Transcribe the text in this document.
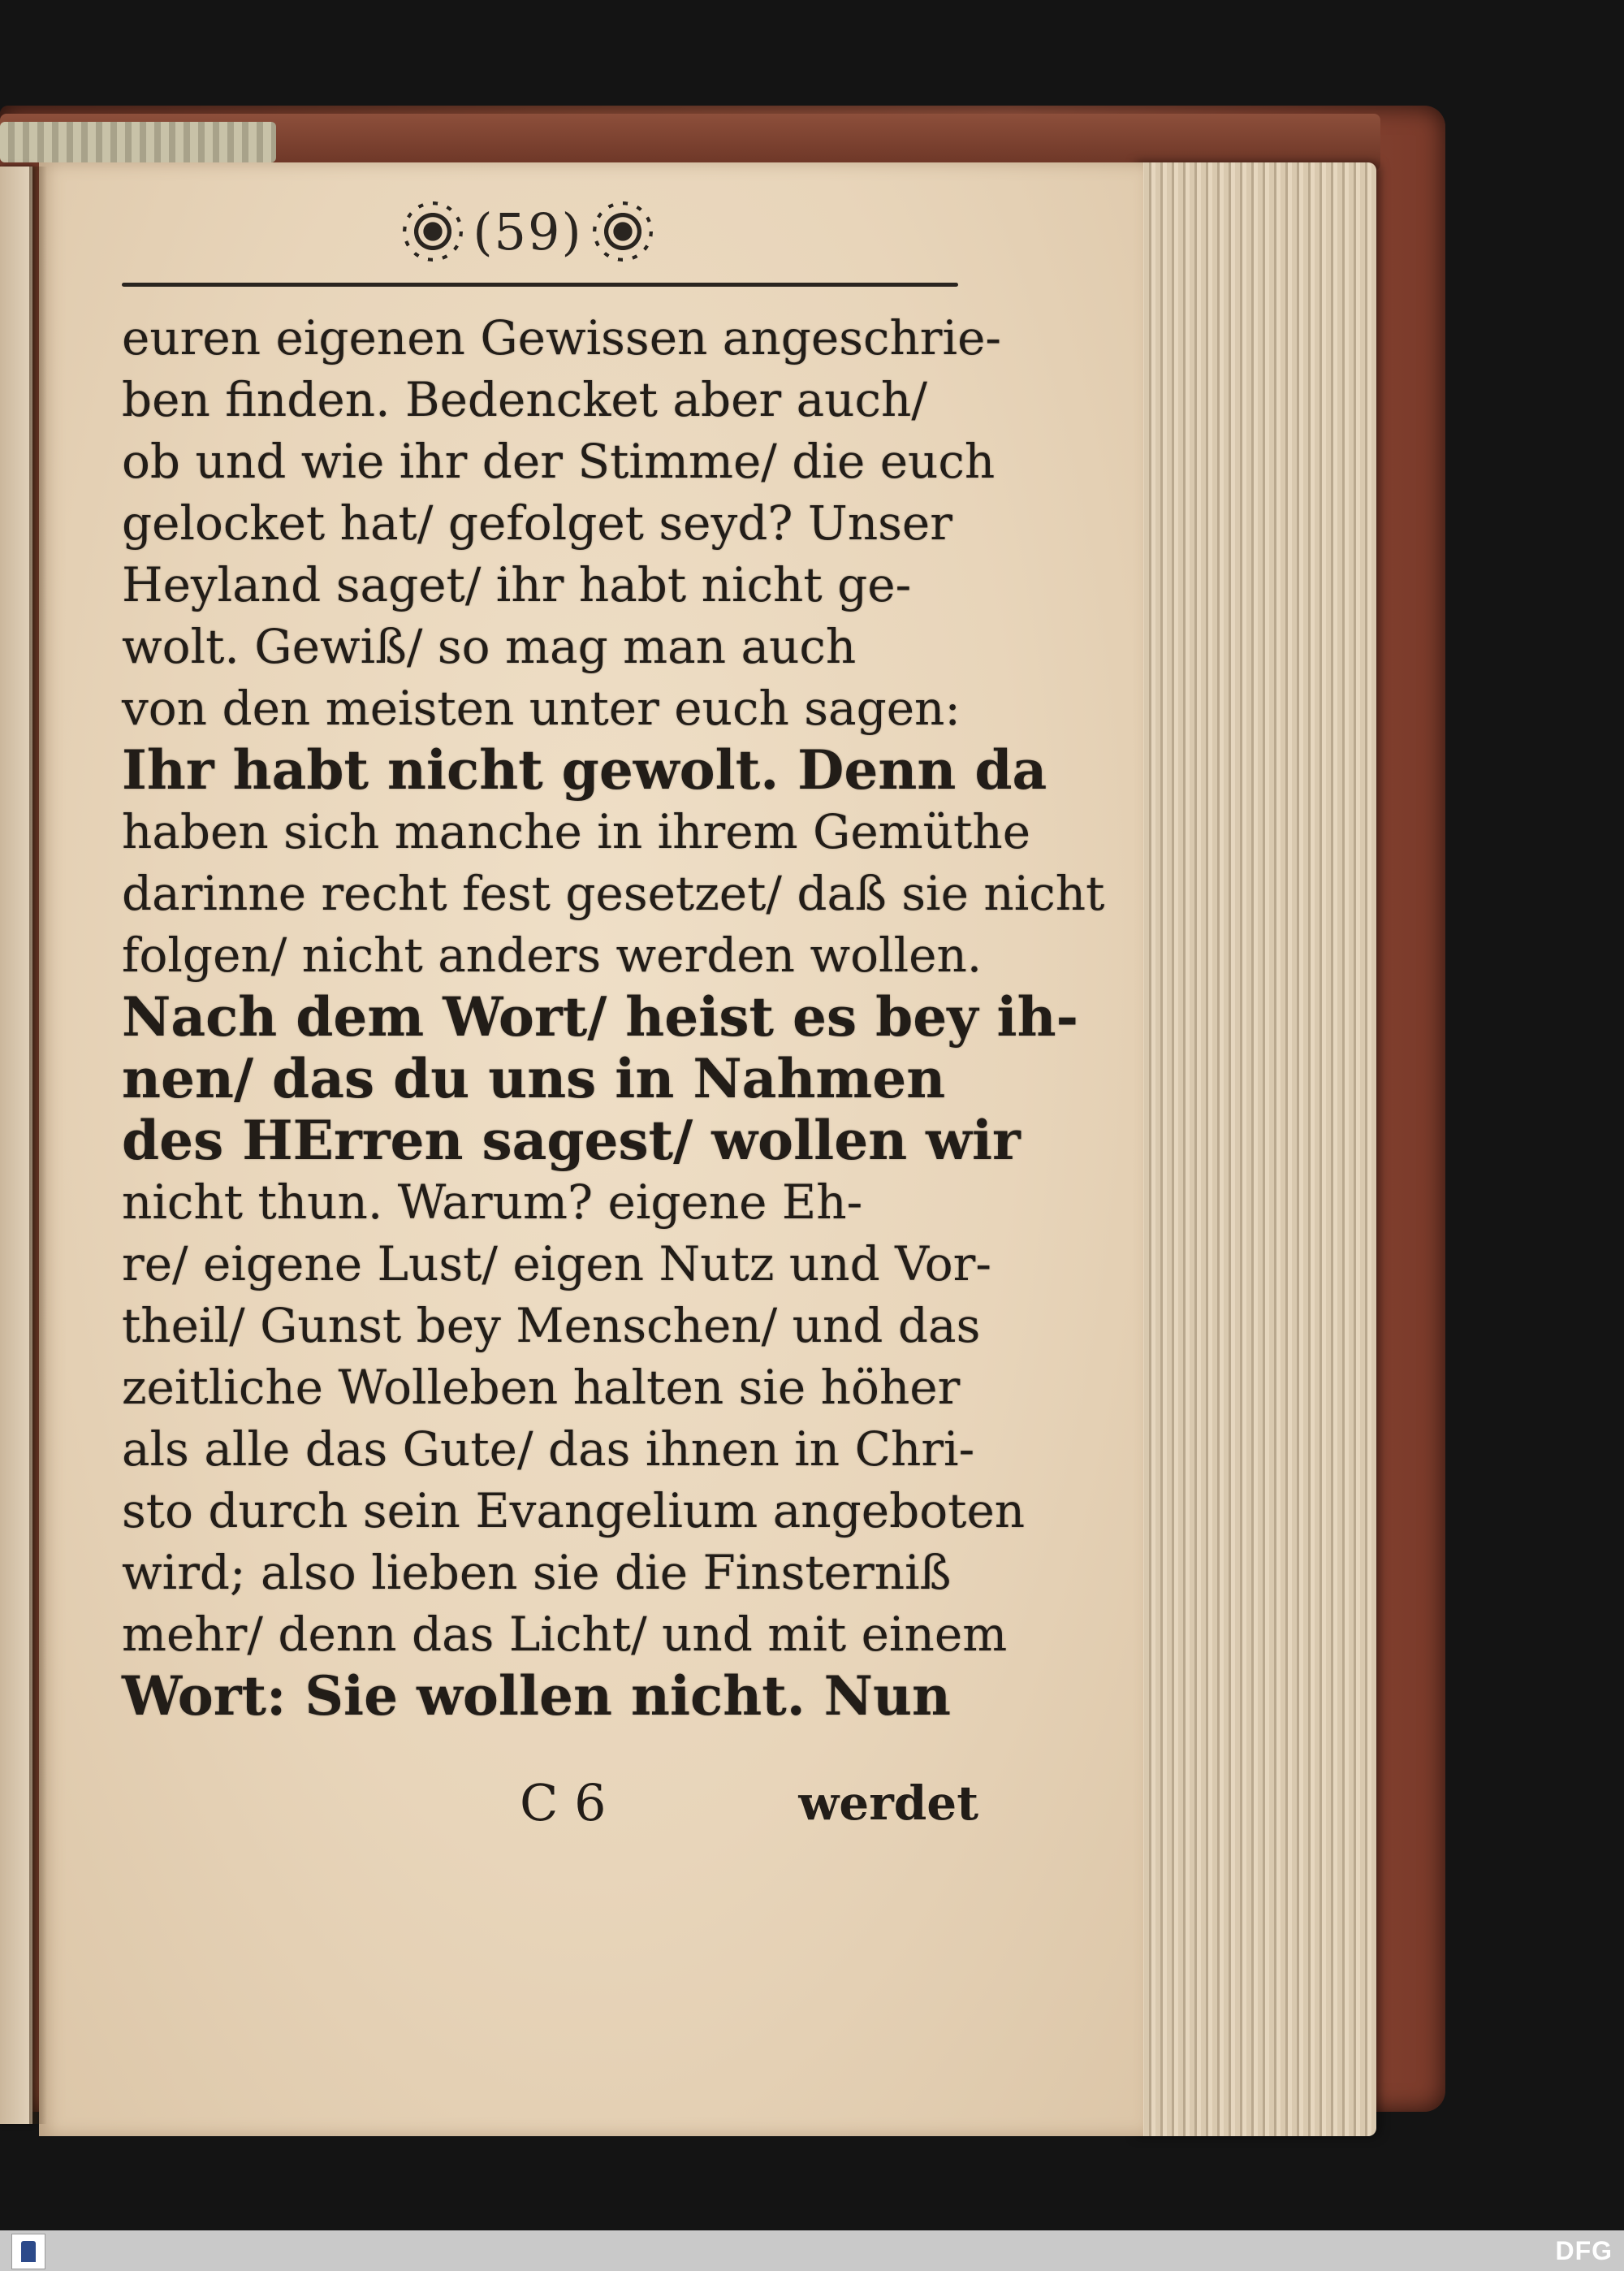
(59)
euren eigenen Gewissen angeschrie-
ben finden. Bedencket aber auch/
ob und wie ihr der Stimme/ die euch
gelocket hat/ gefolget seyd? Unser
Heyland saget/ ihr habt nicht ge-
wolt. Gewiß/ so mag man auch
von den meisten unter euch sagen:
Ihr habt nicht gewolt. Denn da
haben sich manche in ihrem Gemüthe
darinne recht fest gesetzet/ daß sie nicht
folgen/ nicht anders werden wollen.
Nach dem Wort/ heist es bey ih-
nen/ das du uns in Nahmen
des HErren sagest/ wollen wir
nicht thun. Warum? eigene Eh-
re/ eigene Lust/ eigen Nutz und Vor-
theil/ Gunst bey Menschen/ und das
zeitliche Wolleben halten sie höher
als alle das Gute/ das ihnen in Chri-
sto durch sein Evangelium angeboten
wird; also lieben sie die Finsterniß
mehr/ denn das Licht/ und mit einem
Wort: Sie wollen nicht. Nun
C 6	werdet
DFG
